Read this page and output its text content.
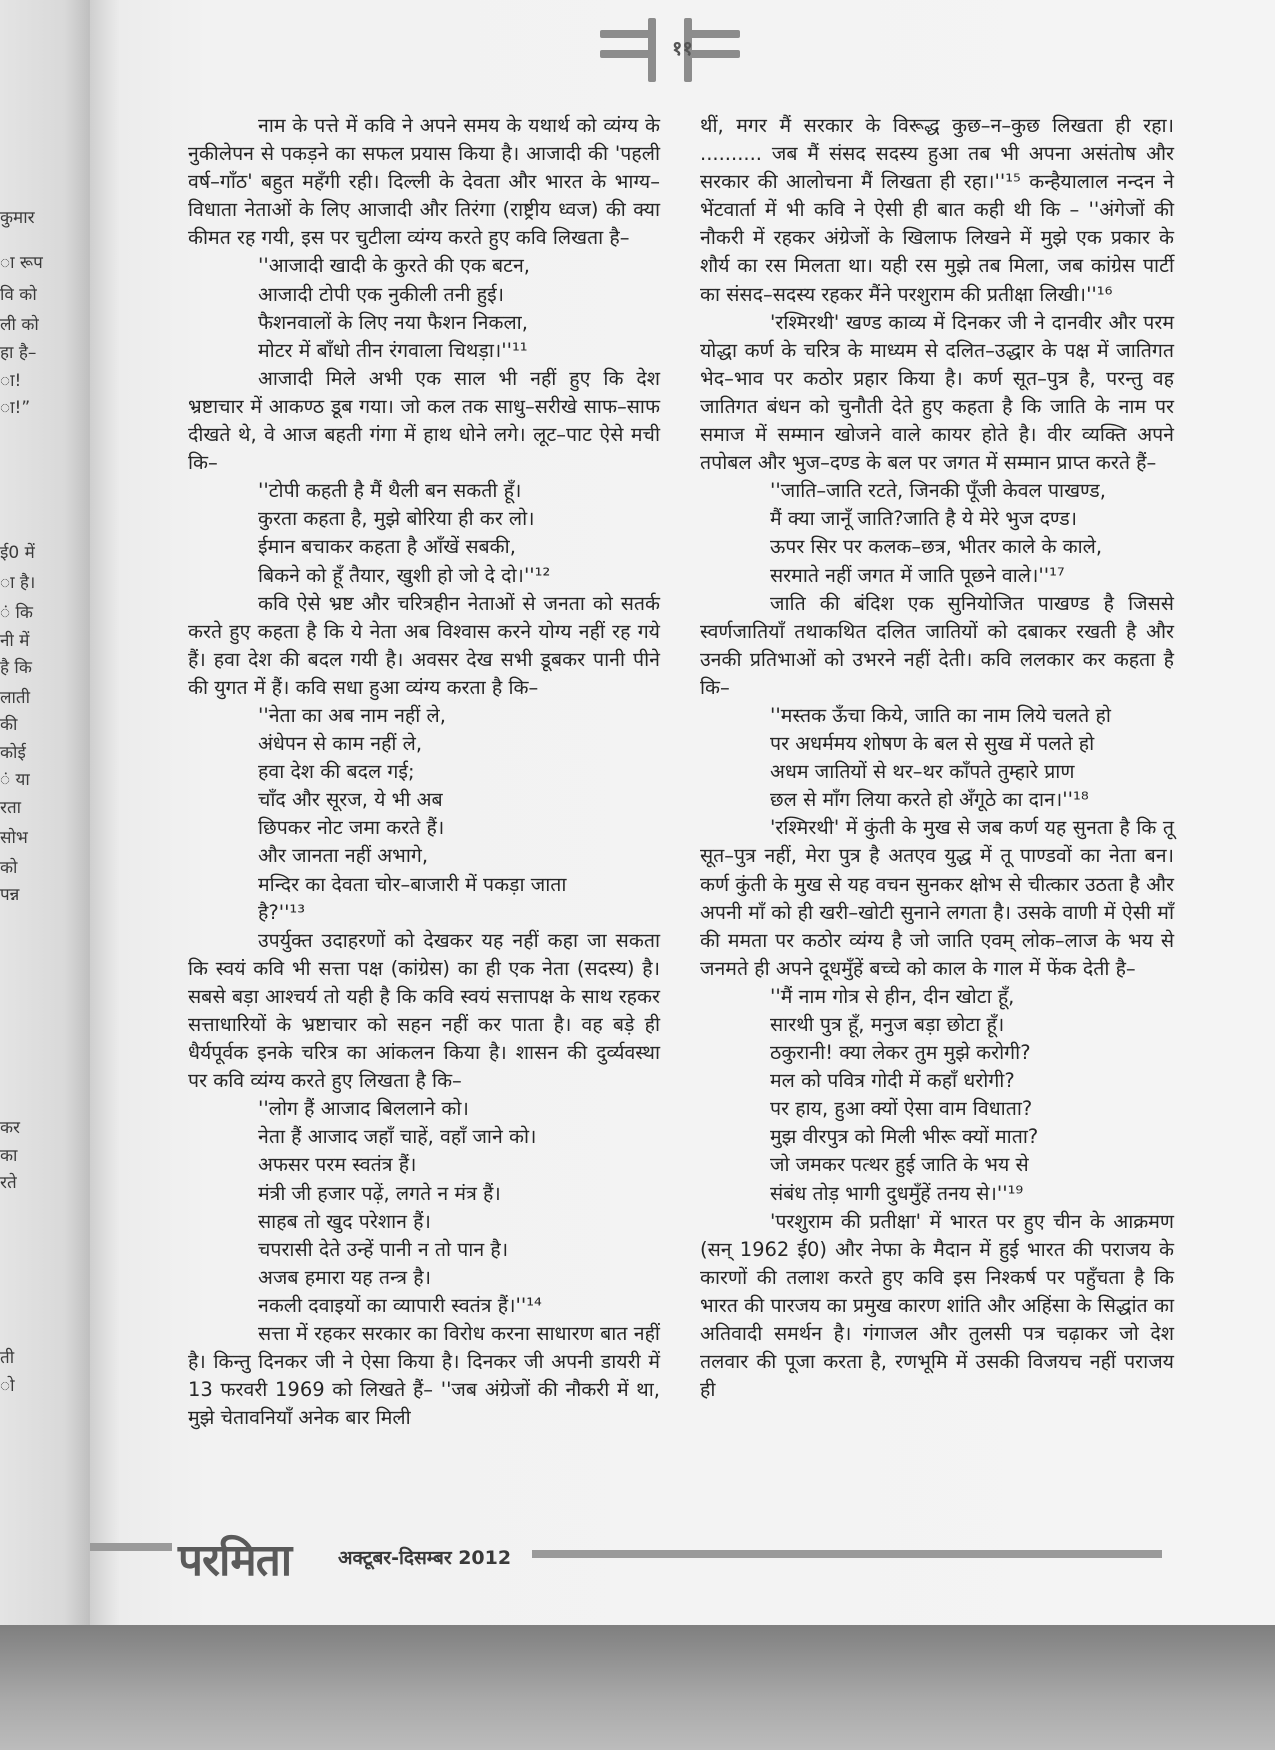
११
कुमार
ा रूप
वि को
ली को
हा है–
ा!
ा!”
ई0 में
ा है।
ं कि
नी में
है कि
लाती
की
कोई
ं या
रता
सोभ
को
पन्न
कर
का
रते
ती
ो

नाम के पत्ते में कवि ने अपने समय के यथार्थ को व्यंग्य के नुकीलेपन से पकड़ने का सफल प्रयास किया है। आजादी की 'पहली वर्ष–गाँठ' बहुत महँगी रही। दिल्ली के देवता और भारत के भाग्य–विधाता नेताओं के लिए आजादी और तिरंगा (राष्ट्रीय ध्वज) की क्या कीमत रह गयी, इस पर चुटीला व्यंग्य करते हुए कवि लिखता है–

''आजादी खादी के कुरते की एक बटन,
आजादी टोपी एक नुकीली तनी हुई।
फैशनवालों के लिए नया फैशन निकला,
मोटर में बाँधो तीन रंगवाला चिथड़ा।''¹¹

आजादी मिले अभी एक साल भी नहीं हुए कि देश भ्रष्टाचार में आकण्ठ डूब गया। जो कल तक साधु–सरीखे साफ–साफ दीखते थे, वे आज बहती गंगा में हाथ धोने लगे। लूट–पाट ऐसे मची कि–

''टोपी कहती है मैं थैली बन सकती हूँ।
कुरता कहता है, मुझे बोरिया ही कर लो।
ईमान बचाकर कहता है आँखें सबकी,
बिकने को हूँ तैयार, खुशी हो जो दे दो।''¹²

कवि ऐसे भ्रष्ट और चरित्रहीन नेताओं से जनता को सतर्क करते हुए कहता है कि ये नेता अब विश्वास करने योग्य नहीं रह गये हैं। हवा देश की बदल गयी है। अवसर देख सभी डूबकर पानी पीने की युगत में हैं। कवि सधा हुआ व्यंग्य करता है कि–

''नेता का अब नाम नहीं ले,
अंधेपन से काम नहीं ले,
हवा देश की बदल गई;
चाँद और सूरज, ये भी अब
छिपकर नोट जमा करते हैं।
और जानता नहीं अभागे,
मन्दिर का देवता चोर–बाजारी में पकड़ा जाता
है?''¹³

उपर्युक्त उदाहरणों को देखकर यह नहीं कहा जा सकता कि स्वयं कवि भी सत्ता पक्ष (कांग्रेस) का ही एक नेता (सदस्य) है। सबसे बड़ा आश्चर्य तो यही है कि कवि स्वयं सत्तापक्ष के साथ रहकर सत्ताधारियों के भ्रष्टाचार को सहन नहीं कर पाता है। वह बड़े ही धैर्यपूर्वक इनके चरित्र का आंकलन किया है। शासन की दुर्व्यवस्था पर कवि व्यंग्य करते हुए लिखता है कि–

''लोग हैं आजाद बिललाने को।
नेता हैं आजाद जहाँ चाहें, वहाँ जाने को।
अफसर परम स्वतंत्र हैं।
मंत्री जी हजार पढ़ें, लगते न मंत्र हैं।
साहब तो खुद परेशान हैं।
चपरासी देते उन्हें पानी न तो पान है।
अजब हमारा यह तन्त्र है।
नकली दवाइयों का व्यापारी स्वतंत्र हैं।''¹⁴

सत्ता में रहकर सरकार का विरोध करना साधारण बात नहीं है। किन्तु दिनकर जी ने ऐसा किया है। दिनकर जी अपनी डायरी में 13 फरवरी 1969 को लिखते हैं– ''जब अंग्रेजों की नौकरी में था, मुझे चेतावनियाँ अनेक बार मिली

थीं, मगर मैं सरकार के विरूद्ध कुछ–न–कुछ लिखता ही रहा। .......... जब मैं संसद सदस्य हुआ तब भी अपना असंतोष और सरकार की आलोचना मैं लिखता ही रहा।''¹⁵ कन्हैयालाल नन्दन ने भेंटवार्ता में भी कवि ने ऐसी ही बात कही थी कि – ''अंगेजों की नौकरी में रहकर अंग्रेजों के खिलाफ लिखने में मुझे एक प्रकार के शौर्य का रस मिलता था। यही रस मुझे तब मिला, जब कांग्रेस पार्टी का संसद–सदस्य रहकर मैंने परशुराम की प्रतीक्षा लिखी।''¹⁶

'रश्मिरथी' खण्ड काव्य में दिनकर जी ने दानवीर और परम योद्धा कर्ण के चरित्र के माध्यम से दलित–उद्धार के पक्ष में जातिगत भेद–भाव पर कठोर प्रहार किया है। कर्ण सूत–पुत्र है, परन्तु वह जातिगत बंधन को चुनौती देते हुए कहता है कि जाति के नाम पर समाज में सम्मान खोजने वाले कायर होते है। वीर व्यक्ति अपने तपोबल और भुज–दण्ड के बल पर जगत में सम्मान प्राप्त करते हैं–

''जाति–जाति रटते, जिनकी पूँजी केवल पाखण्ड,
मैं क्या जानूँ जाति?जाति है ये मेरे भुज दण्ड।
ऊपर सिर पर कलक–छत्र, भीतर काले के काले,
सरमाते नहीं जगत में जाति पूछने वाले।''¹⁷

जाति की बंदिश एक सुनियोजित पाखण्ड है जिससे स्वर्णजातियाँ तथाकथित दलित जातियों को दबाकर रखती है और उनकी प्रतिभाओं को उभरने नहीं देती। कवि ललकार कर कहता है कि–

''मस्तक ऊँचा किये, जाति का नाम लिये चलते हो
पर अधर्ममय शोषण के बल से सुख में पलते हो
अधम जातियों से थर–थर काँपते तुम्हारे प्राण
छल से माँग लिया करते हो अँगूठे का दान।''¹⁸

'रश्मिरथी' में कुंती के मुख से जब कर्ण यह सुनता है कि तू सूत–पुत्र नहीं, मेरा पुत्र है अतएव युद्ध में तू पाण्डवों का नेता बन। कर्ण कुंती के मुख से यह वचन सुनकर क्षोभ से चीत्कार उठता है और अपनी माँ को ही खरी–खोटी सुनाने लगता है। उसके वाणी में ऐसी माँ की ममता पर कठोर व्यंग्य है जो जाति एवम् लोक–लाज के भय से जनमते ही अपने दूधमुँहें बच्चे को काल के गाल में फेंक देती है–

''मैं नाम गोत्र से हीन, दीन खोटा हूँ,
सारथी पुत्र हूँ, मनुज बड़ा छोटा हूँ।
ठकुरानी! क्या लेकर तुम मुझे करोगी?
मल को पवित्र गोदी में कहाँ धरोगी?
पर हाय, हुआ क्यों ऐसा वाम विधाता?
मुझ वीरपुत्र को मिली भीरू क्यों माता?
जो जमकर पत्थर हुई जाति के भय से
संबंध तोड़ भागी दुधमुँहें तनय से।''¹⁹

'परशुराम की प्रतीक्षा' में भारत पर हुए चीन के आक्रमण (सन् 1962 ई0) और नेफा के मैदान में हुई भारत की पराजय के कारणों की तलाश करते हुए कवि इस निश्कर्ष पर पहुँचता है कि भारत की पारजय का प्रमुख कारण शांति और अहिंसा के सिद्धांत का अतिवादी समर्थन है। गंगाजल और तुलसी पत्र चढ़ाकर जो देश तलवार की पूजा करता है, रणभूमि में उसकी विजयच नहीं पराजय ही

परमिता अक्टूबर-दिसम्बर 2012
